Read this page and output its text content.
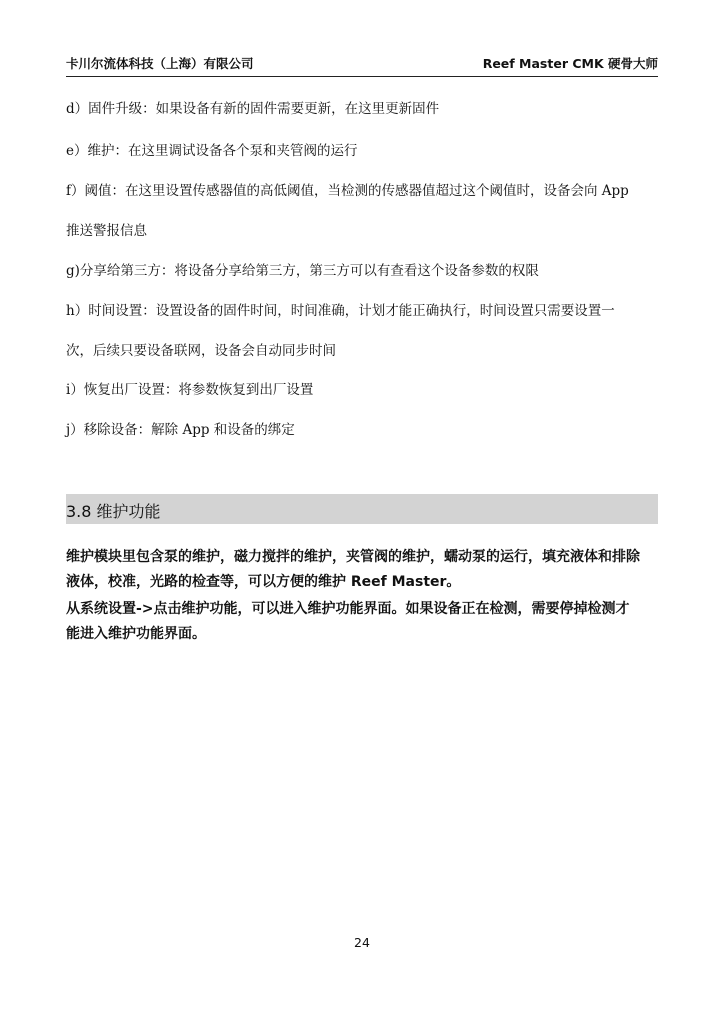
卡川尔流体科技（上海）有限公司	Reef Master CMK 硬骨大师
d）固件升级：如果设备有新的固件需要更新，在这里更新固件
e）维护：在这里调试设备各个泵和夹管阀的运行
f）阈值：在这里设置传感器值的高低阈值，当检测的传感器值超过这个阈值时，设备会向 App
推送警报信息
g)分享给第三方：将设备分享给第三方，第三方可以有查看这个设备参数的权限
h）时间设置：设置设备的固件时间，时间准确，计划才能正确执行，时间设置只需要设置一
次，后续只要设备联网，设备会自动同步时间
i）恢复出厂设置：将参数恢复到出厂设置
j）移除设备：解除 App 和设备的绑定
3.8 维护功能
维护模块里包含泵的维护，磁力搅拌的维护，夹管阀的维护，蠕动泵的运行，填充液体和排除
液体，校准，光路的检查等，可以方便的维护 Reef Master。
从系统设置->点击维护功能，可以进入维护功能界面。如果设备正在检测，需要停掉检测才
能进入维护功能界面。
24
